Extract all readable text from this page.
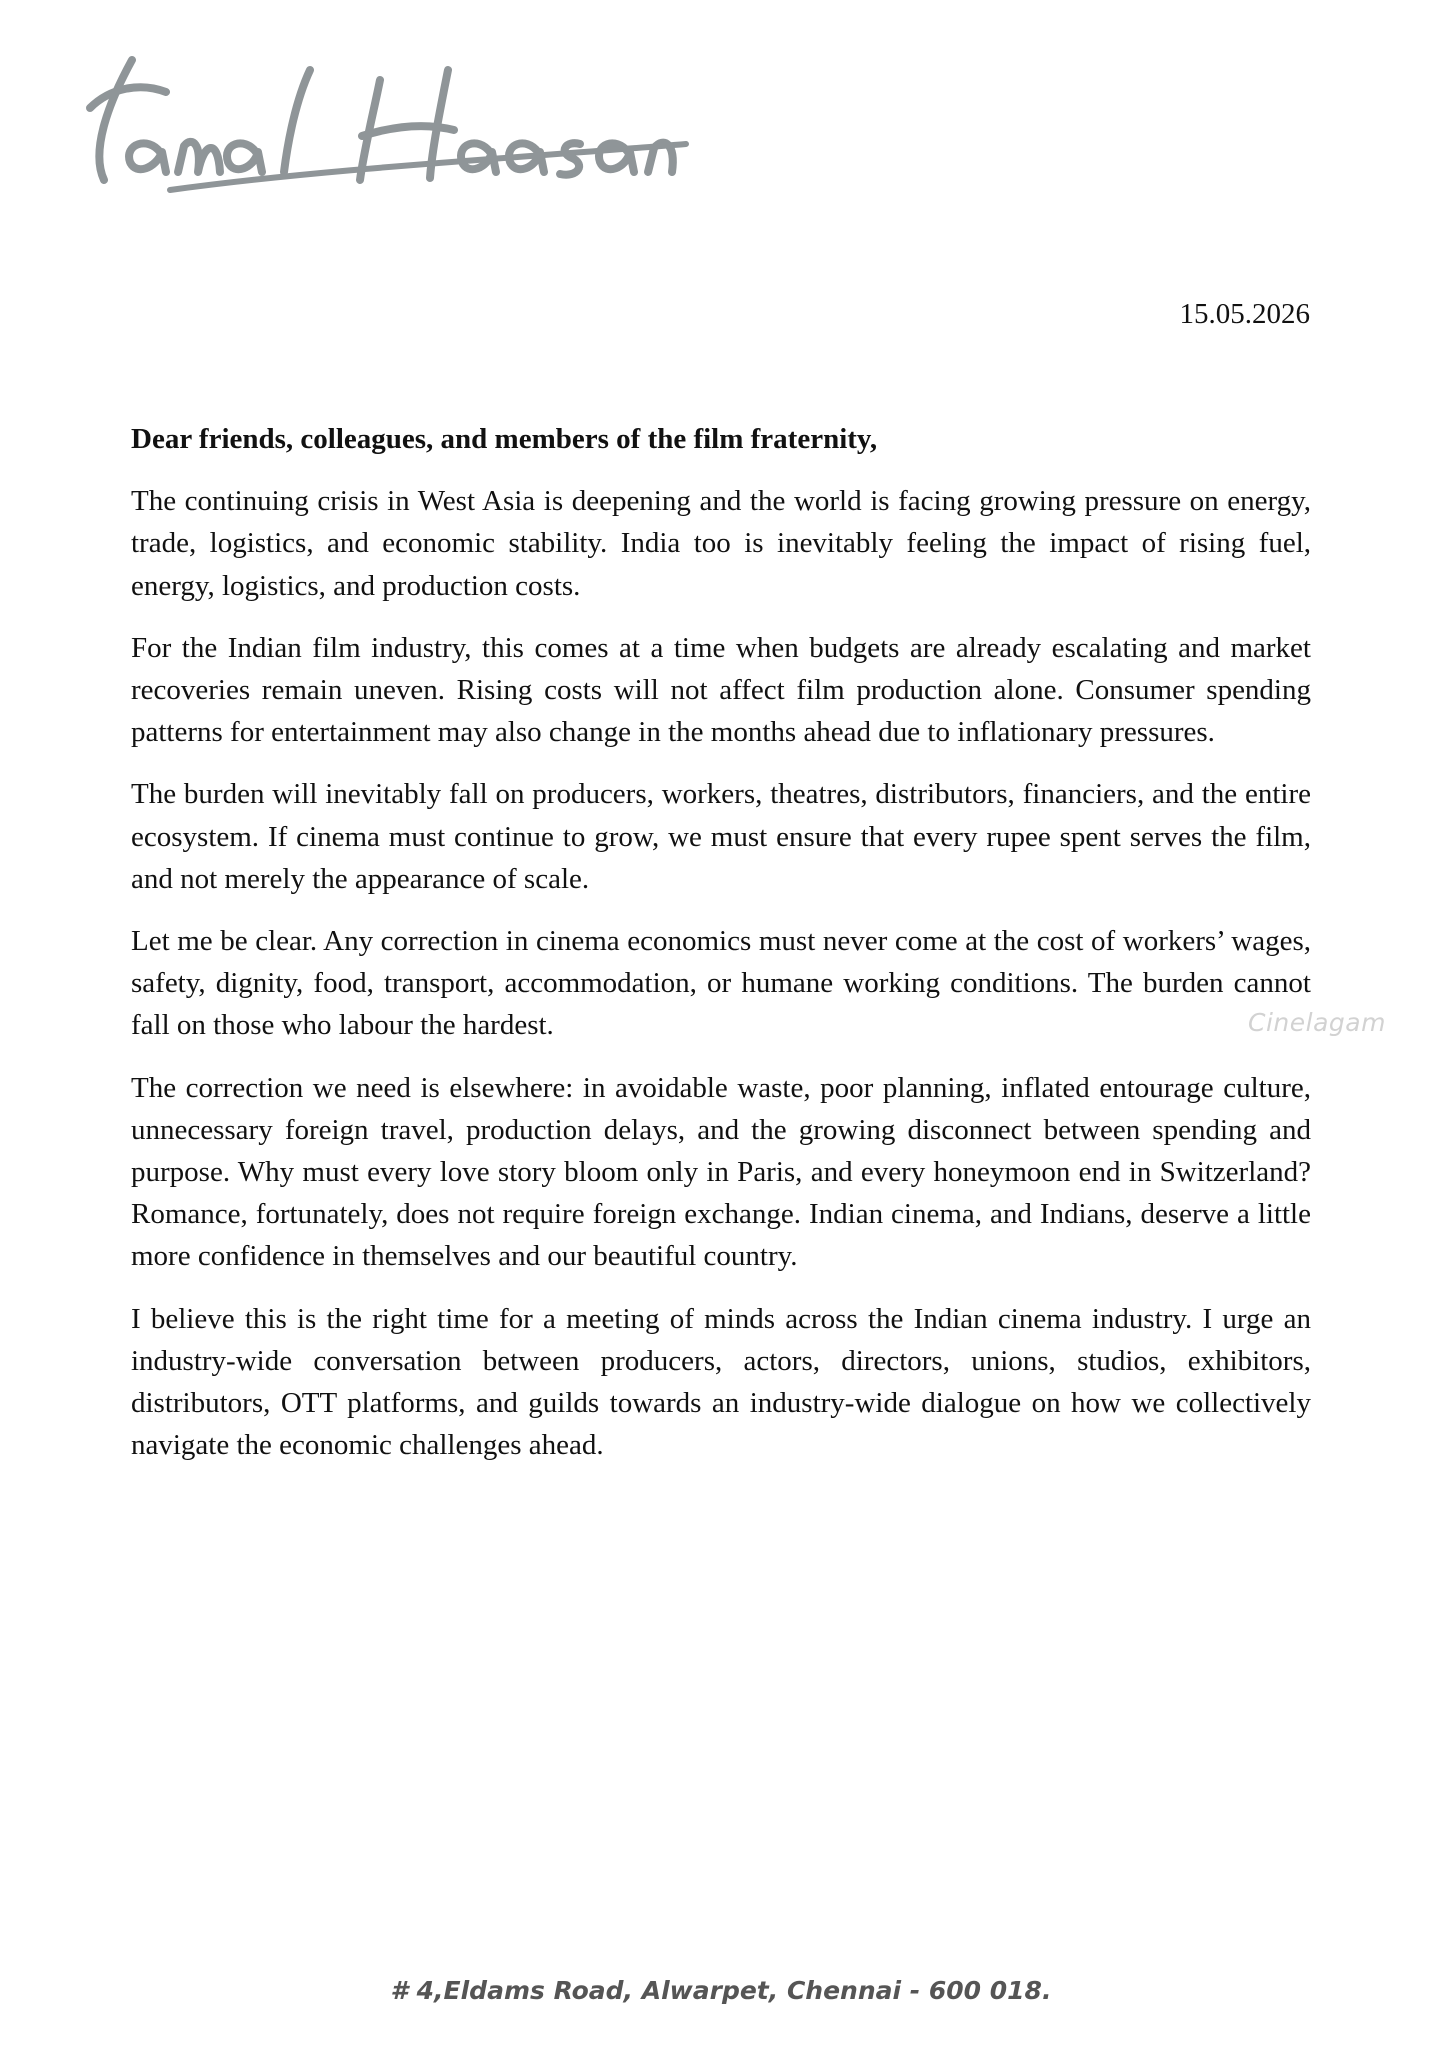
15.05.2026

Dear friends, colleagues, and members of the film fraternity,

The continuing crisis in West Asia is deepening and the world is facing growing pressure on energy, trade, logistics, and economic stability. India too is inevitably feeling the impact of rising fuel, energy, logistics, and production costs.

For the Indian film industry, this comes at a time when budgets are already escalating and market recoveries remain uneven. Rising costs will not affect film production alone. Consumer spending patterns for entertainment may also change in the months ahead due to inflationary pressures.

The burden will inevitably fall on producers, workers, theatres, distributors, financiers, and the entire ecosystem. If cinema must continue to grow, we must ensure that every rupee spent serves the film, and not merely the appearance of scale.

Let me be clear. Any correction in cinema economics must never come at the cost of workers’ wages, safety, dignity, food, transport, accommodation, or humane working conditions. The burden cannot fall on those who labour the hardest.

The correction we need is elsewhere: in avoidable waste, poor planning, inflated entourage culture, unnecessary foreign travel, production delays, and the growing disconnect between spending and purpose. Why must every love story bloom only in Paris, and every honeymoon end in Switzerland? Romance, fortunately, does not require foreign exchange. Indian cinema, and Indians, deserve a little more confidence in themselves and our beautiful country.

I believe this is the right time for a meeting of minds across the Indian cinema industry. I urge an industry-wide conversation between producers, actors, directors, unions, studios, exhibitors, distributors, OTT platforms, and guilds towards an industry-wide dialogue on how we collectively navigate the economic challenges ahead.

Cinelagam
# 4,Eldams Road, Alwarpet, Chennai - 600 018.
